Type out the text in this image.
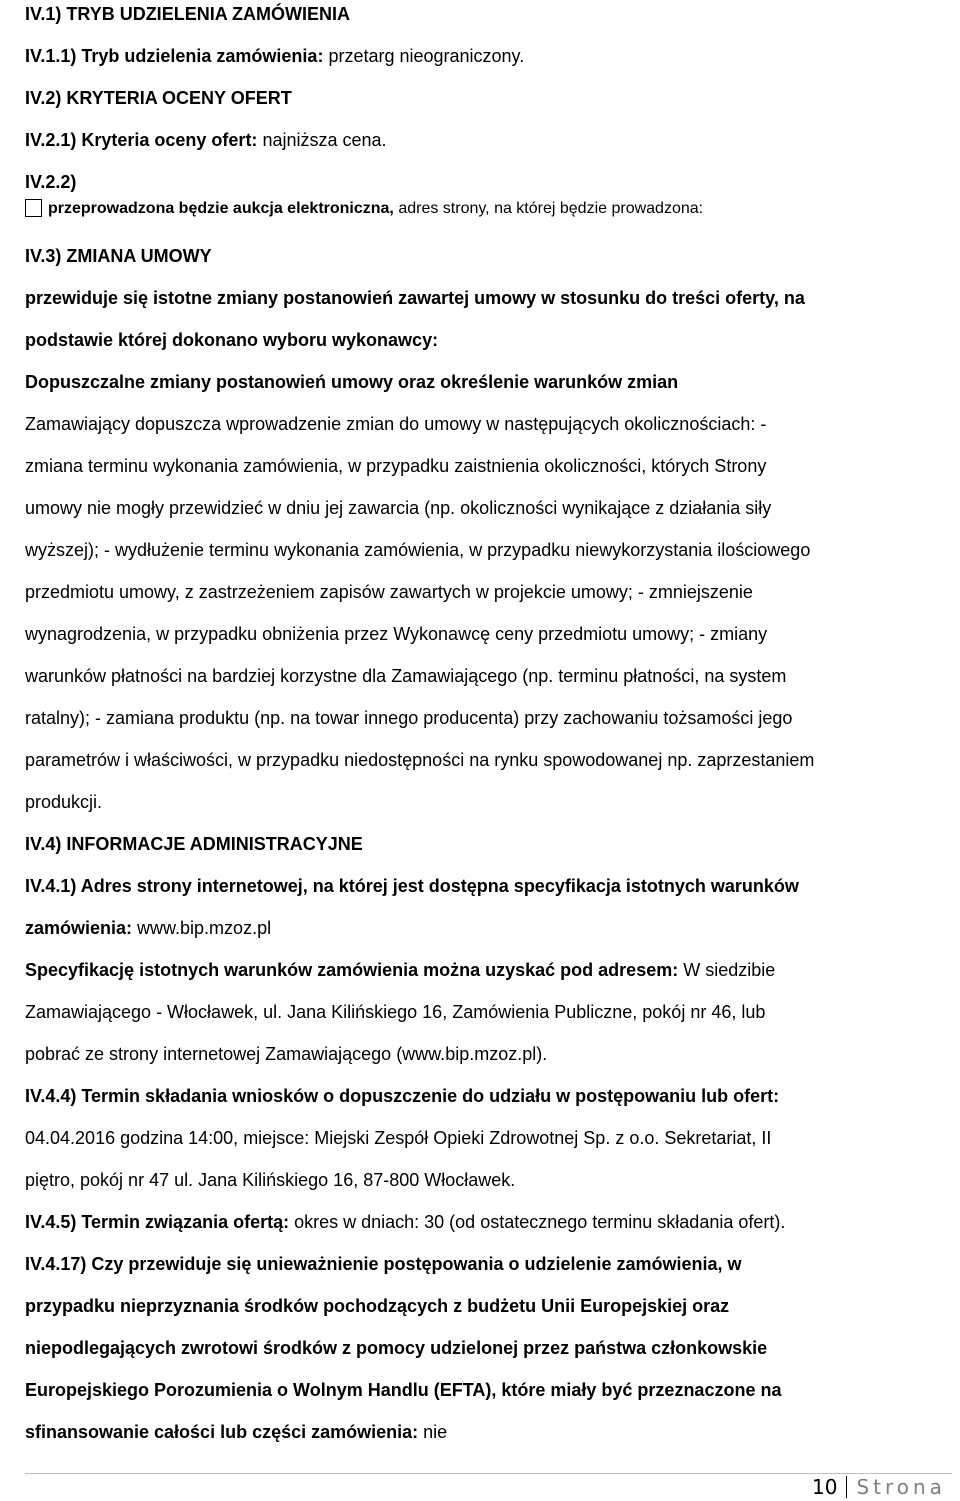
IV.1) TRYB UDZIELENIA ZAMÓWIENIA
IV.1.1) Tryb udzielenia zamówienia: przetarg nieograniczony.
IV.2) KRYTERIA OCENY OFERT
IV.2.1) Kryteria oceny ofert: najniższa cena.
IV.2.2)
przeprowadzona będzie aukcja elektroniczna, adres strony, na której będzie prowadzona:
IV.3) ZMIANA UMOWY
przewiduje się istotne zmiany postanowień zawartej umowy w stosunku do treści oferty, na
podstawie której dokonano wyboru wykonawcy:
Dopuszczalne zmiany postanowień umowy oraz określenie warunków zmian
Zamawiający dopuszcza wprowadzenie zmian do umowy w następujących okolicznościach: -
zmiana terminu wykonania zamówienia, w przypadku zaistnienia okoliczności, których Strony
umowy nie mogły przewidzieć w dniu jej zawarcia (np. okoliczności wynikające z działania siły
wyższej); - wydłużenie terminu wykonania zamówienia, w przypadku niewykorzystania ilościowego
przedmiotu umowy, z zastrzeżeniem zapisów zawartych w projekcie umowy; - zmniejszenie
wynagrodzenia, w przypadku obniżenia przez Wykonawcę ceny przedmiotu umowy; - zmiany
warunków płatności na bardziej korzystne dla Zamawiającego (np. terminu płatności, na system
ratalny); - zamiana produktu (np. na towar innego producenta) przy zachowaniu tożsamości jego
parametrów i właściwości, w przypadku niedostępności na rynku spowodowanej np. zaprzestaniem
produkcji.
IV.4) INFORMACJE ADMINISTRACYJNE
IV.4.1) Adres strony internetowej, na której jest dostępna specyfikacja istotnych warunków
zamówienia: www.bip.mzoz.pl
Specyfikację istotnych warunków zamówienia można uzyskać pod adresem: W siedzibie
Zamawiającego - Włocławek, ul. Jana Kilińskiego 16, Zamówienia Publiczne, pokój nr 46, lub
pobrać ze strony internetowej Zamawiającego (www.bip.mzoz.pl).
IV.4.4) Termin składania wniosków o dopuszczenie do udziału w postępowaniu lub ofert:
04.04.2016 godzina 14:00, miejsce: Miejski Zespół Opieki Zdrowotnej Sp. z o.o. Sekretariat, II
piętro, pokój nr 47 ul. Jana Kilińskiego 16, 87-800 Włocławek.
IV.4.5) Termin związania ofertą: okres w dniach: 30 (od ostatecznego terminu składania ofert).
IV.4.17) Czy przewiduje się unieważnienie postępowania o udzielenie zamówienia, w
przypadku nieprzyznania środków pochodzących z budżetu Unii Europejskiej oraz
niepodlegających zwrotowi środków z pomocy udzielonej przez państwa członkowskie
Europejskiego Porozumienia o Wolnym Handlu (EFTA), które miały być przeznaczone na
sfinansowanie całości lub części zamówienia: nie
10 Strona
